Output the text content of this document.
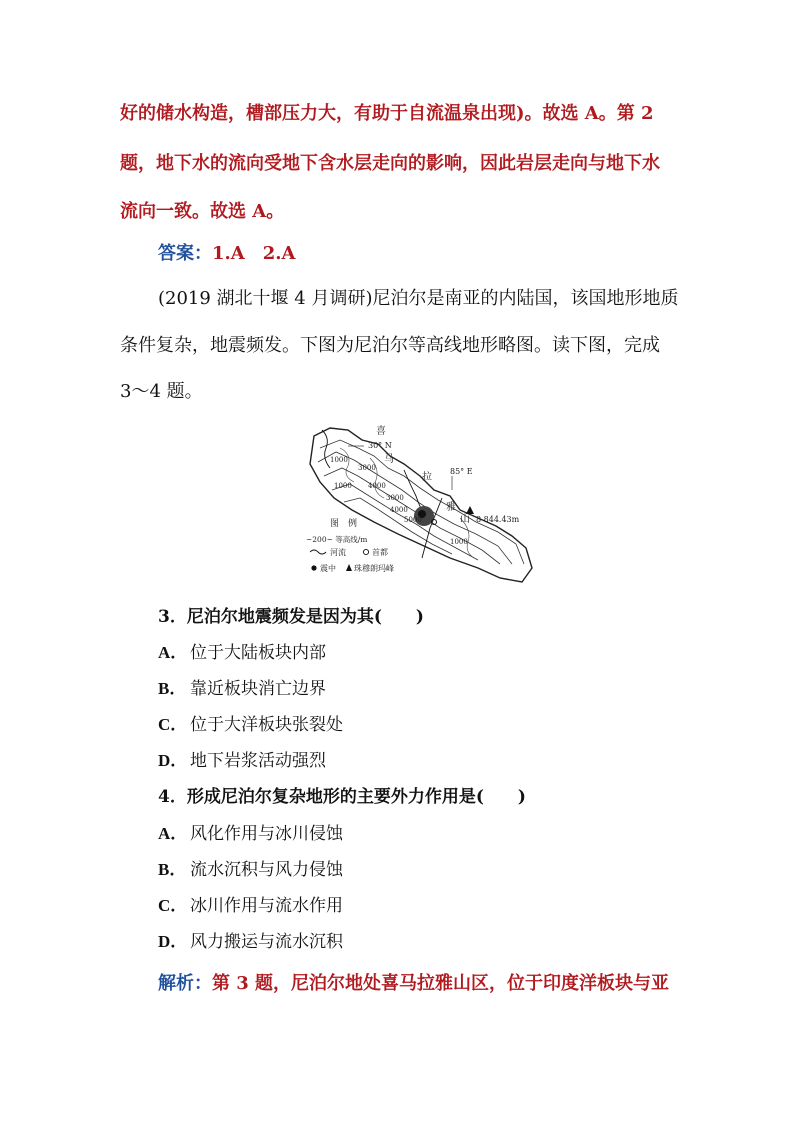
好的储水构造，槽部压力大，有助于自流温泉出现)。故选 A。第 2
题，地下水的流向受地下含水层走向的影响，因此岩层走向与地下水
流向一致。故选 A。
答案：1.A　2.A
(2019 湖北十堰 4 月调研)尼泊尔是南亚的内陆国，该国地形地质
条件复杂，地震频发。下图为尼泊尔等高线地形略图。读下图，完成
3～4 题。
1000
3000
4000
1000
3000
4000
5000
1000
喜
马
拉
雅
山
30° N
85° E
8 844.43m
图　例
~200~ 等高线/m
河流	首都
震中 珠穆朗玛峰
3．尼泊尔地震频发是因为其(　　)
A． 位于大陆板块内部
B． 靠近板块消亡边界
C． 位于大洋板块张裂处
D． 地下岩浆活动强烈
4．形成尼泊尔复杂地形的主要外力作用是(　　)
A． 风化作用与冰川侵蚀
B． 流水沉积与风力侵蚀
C． 冰川作用与流水作用
D． 风力搬运与流水沉积
解析：第 3 题，尼泊尔地处喜马拉雅山区，位于印度洋板块与亚
